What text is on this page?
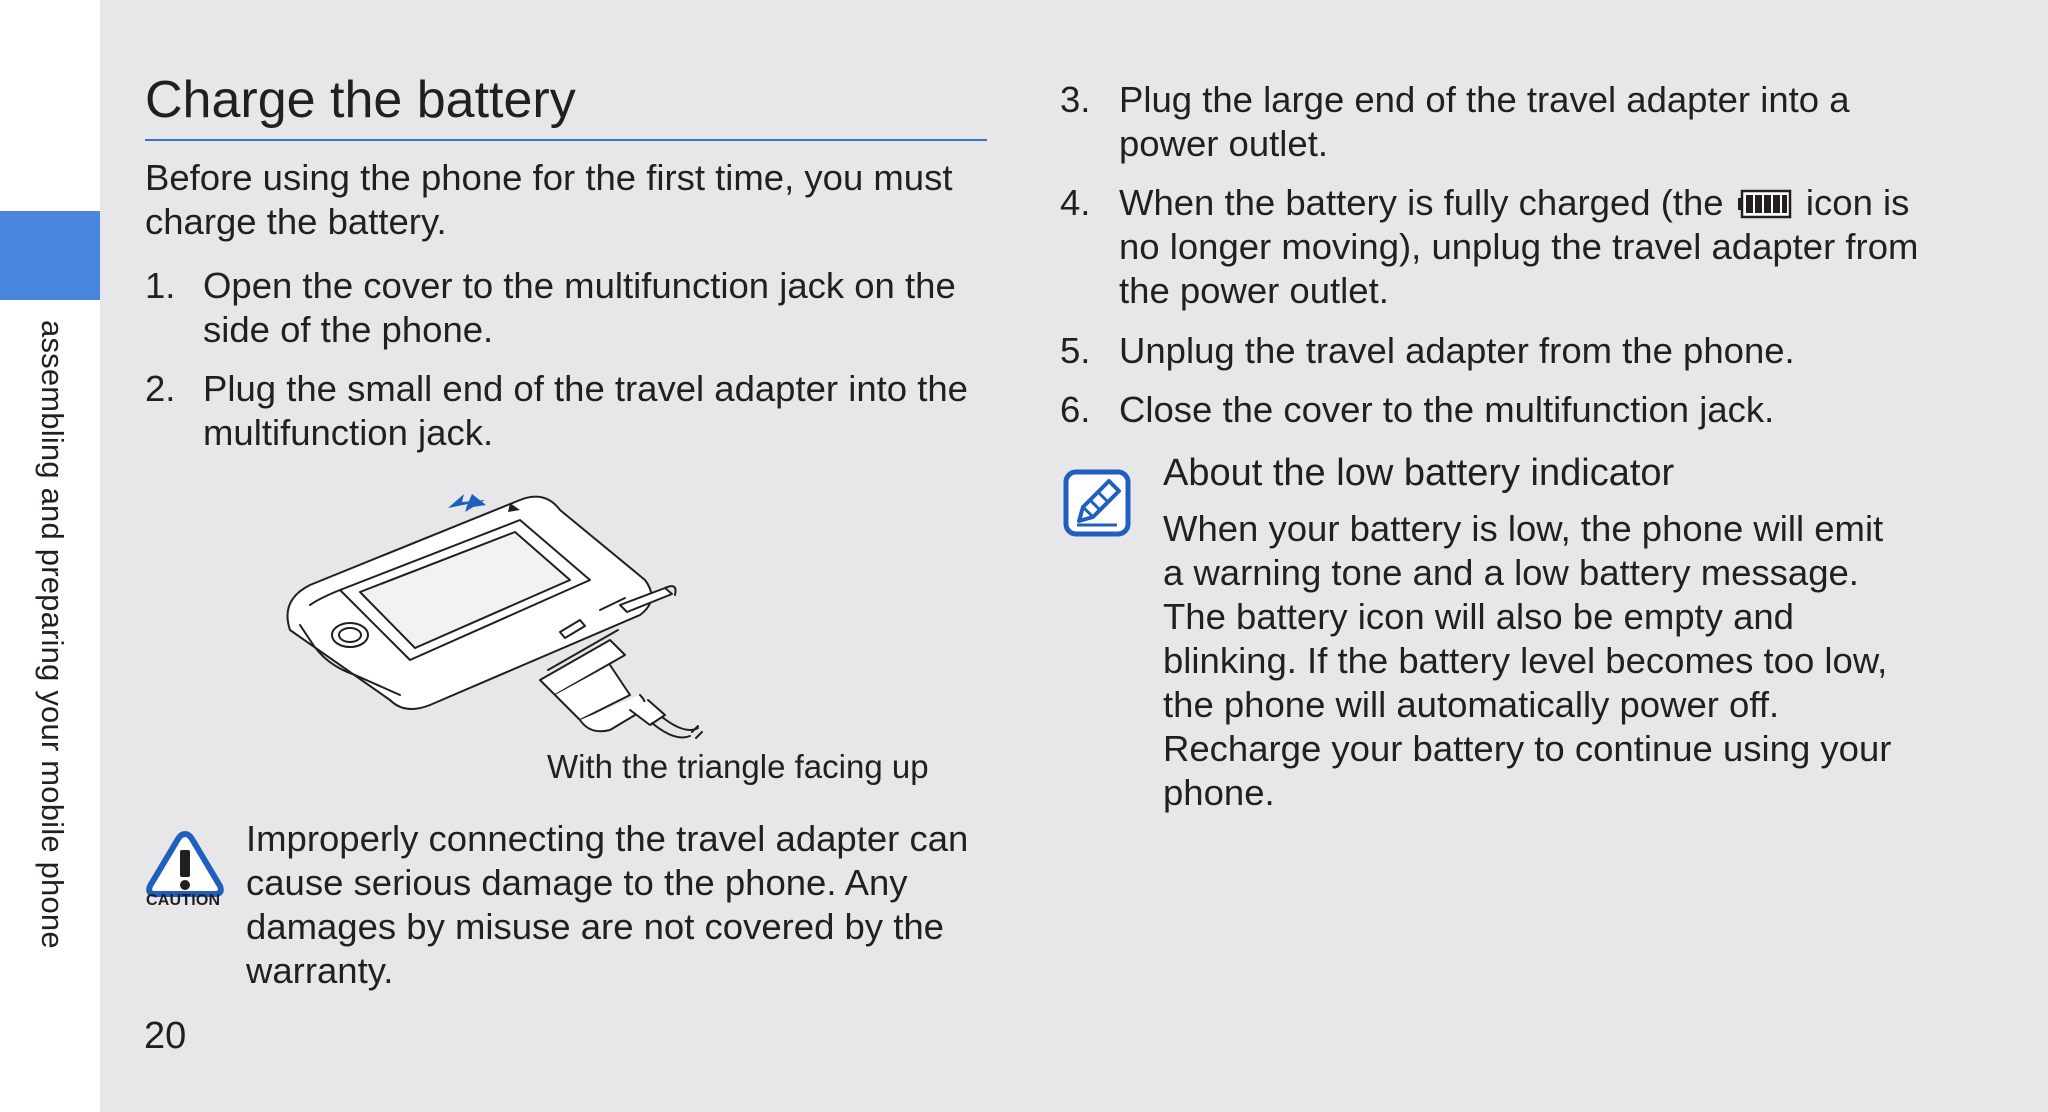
assembling and preparing your mobile phone
20
Charge the battery
Before using the phone for the first time, you must
charge the battery.
1. Open the cover to the multifunction jack on the
side of the phone.
2. Plug the small end of the travel adapter into the
multifunction jack.
With the triangle facing up
CAUTION
Improperly connecting the travel adapter can
cause serious damage to the phone. Any
damages by misuse are not covered by the
warranty.
3. Plug the large end of the travel adapter into a
power outlet.
4. When the battery is fully charged (the icon is
no longer moving), unplug the travel adapter from
the power outlet.
5. Unplug the travel adapter from the phone.
6. Close the cover to the multifunction jack.
About the low battery indicator
When your battery is low, the phone will emit
a warning tone and a low battery message.
The battery icon will also be empty and
blinking. If the battery level becomes too low,
the phone will automatically power off.
Recharge your battery to continue using your
phone.
